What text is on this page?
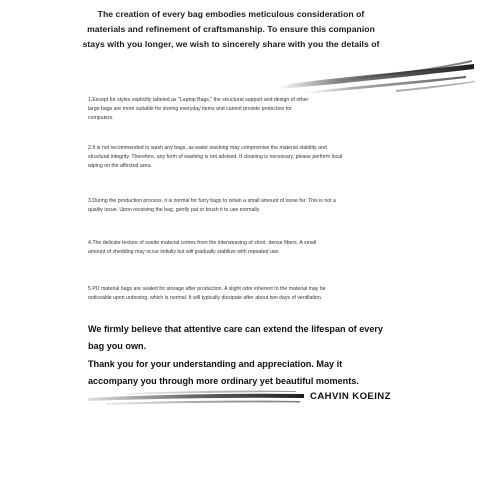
The creation of every bag embodies meticulous consideration of
materials and refinement of craftsmanship. To ensure this companion
stays with you longer, we wish to sincerely share with you the details of

1.Except for styles explicitly labeled as "Laptop Bags," the structural support and design of other

large bags are more suitable for storing everyday items and cannot provide protection for

computers.

2.It is not recommended to wash any bags, as water washing may compromise the material stability and

structural integrity. Therefore, any form of washing is not advised. If cleaning is necessary, please perform local

wiping on the affected area.

3.During the production process, it is normal for furry bags to retain a small amount of loose fur. This is not a

quality issue. Upon receiving the bag, gently pat or brush it to use normally.

4.The delicate texture of suede material comes from the interweaving of short, dense fibers. A small

amount of shedding may occur initially but will gradually stabilize with repeated use.

5.PU material bags are sealed for storage after production. A slight odor inherent to the material may be

noticeable upon unboxing, which is normal. It will typically dissipate after about two days of ventilation.

We firmly believe that attentive care can extend the lifespan of every
bag you own.
Thank you for your understanding and appreciation. May it
accompany you through more ordinary yet beautiful moments.
CAHVIN KOEINZ
